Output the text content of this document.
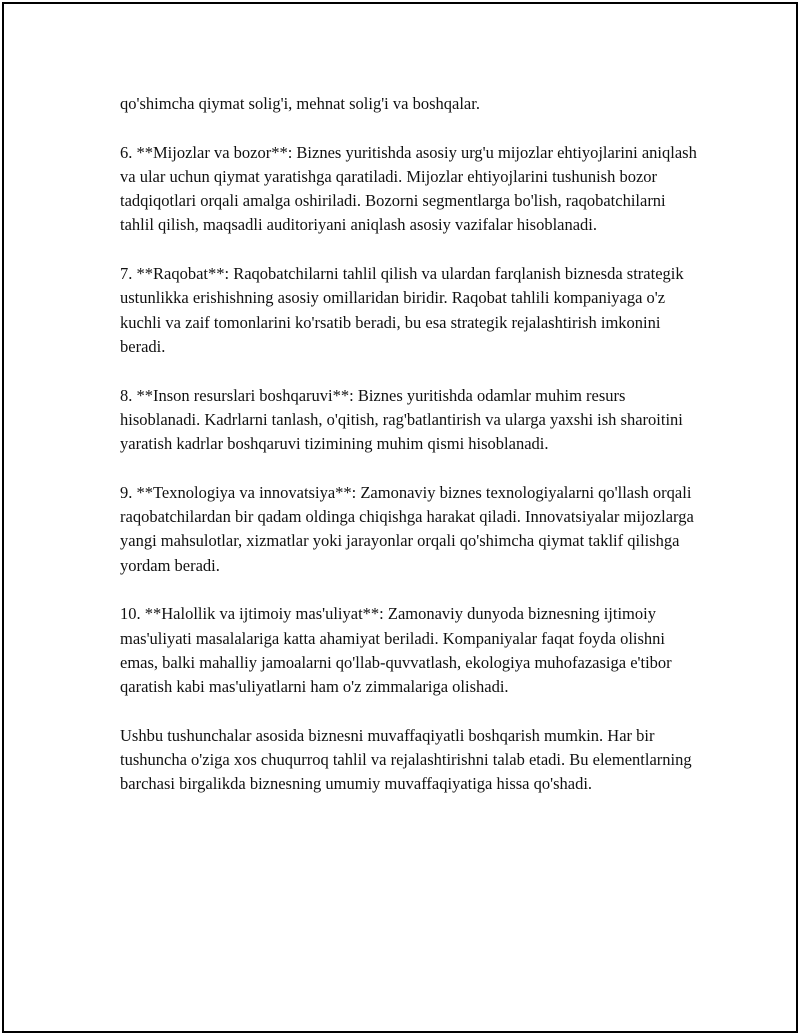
qo'shimcha qiymat solig'i, mehnat solig'i va boshqalar.

6. **Mijozlar va bozor**: Biznes yuritishda asosiy urg'u mijozlar ehtiyojlarini aniqlash va ular uchun qiymat yaratishga qaratiladi. Mijozlar ehtiyojlarini tushunish bozor tadqiqotlari orqali amalga oshiriladi. Bozorni segmentlarga bo'lish, raqobatchilarni tahlil qilish, maqsadli auditoriyani aniqlash asosiy vazifalar hisoblanadi.

7. **Raqobat**: Raqobatchilarni tahlil qilish va ulardan farqlanish biznesda strategik ustunlikka erishishning asosiy omillaridan biridir. Raqobat tahlili kompaniyaga o'z kuchli va zaif tomonlarini ko'rsatib beradi, bu esa strategik rejalashtirish imkonini beradi.

8. **Inson resurslari boshqaruvi**: Biznes yuritishda odamlar muhim resurs hisoblanadi. Kadrlarni tanlash, o'qitish, rag'batlantirish va ularga yaxshi ish sharoitini yaratish kadrlar boshqaruvi tizimining muhim qismi hisoblanadi.

9. **Texnologiya va innovatsiya**: Zamonaviy biznes texnologiyalarni qo'llash orqali raqobatchilardan bir qadam oldinga chiqishga harakat qiladi. Innovatsiyalar mijozlarga yangi mahsulotlar, xizmatlar yoki jarayonlar orqali qo'shimcha qiymat taklif qilishga yordam beradi.

10. **Halollik va ijtimoiy mas'uliyat**: Zamonaviy dunyoda biznesning ijtimoiy mas'uliyati masalalariga katta ahamiyat beriladi. Kompaniyalar faqat foyda olishni emas, balki mahalliy jamoalarni qo'llab-quvvatlash, ekologiya muhofazasiga e'tibor qaratish kabi mas'uliyatlarni ham o'z zimmalariga olishadi.

Ushbu tushunchalar asosida biznesni muvaffaqiyatli boshqarish mumkin. Har bir tushuncha o'ziga xos chuqurroq tahlil va rejalashtirishni talab etadi. Bu elementlarning barchasi birgalikda biznesning umumiy muvaffaqiyatiga hissa qo'shadi.
